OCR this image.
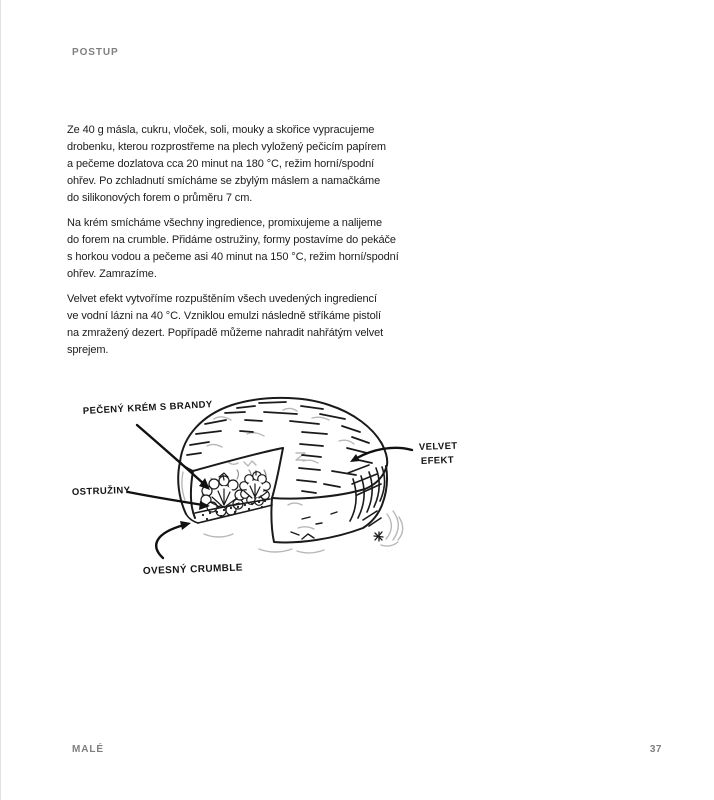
POSTUP
Ze 40 g másla, cukru, vloček, soli, mouky a skořice vypracujeme
drobenku, kterou rozprostřeme na plech vyložený pečicím papírem
a pečeme dozlatova cca 20 minut na 180 °C, režim horní/spodní
ohřev. Po zchladnutí smícháme se zbylým máslem a namačkáme
do silikonových forem o průměru 7 cm.
Na krém smícháme všechny ingredience, promixujeme a nalijeme
do forem na crumble. Přidáme ostružiny, formy postavíme do pekáče
s horkou vodou a pečeme asi 40 minut na 150 °C, režim horní/spodní
ohřev. Zamrazíme.
Velvet efekt vytvoříme rozpuštěním všech uvedených ingrediencí
ve vodní lázni na 40 °C. Vzniklou emulzi následně stříkáme pistolí
na zmražený dezert. Popřípadě můžeme nahradit nahřátým velvet
sprejem.
PEČENÝ KRÉM S BRANDY
OSTRUŽINY
VELVET
EFEKT
OVESNÝ CRUMBLE
MALÉ	37
